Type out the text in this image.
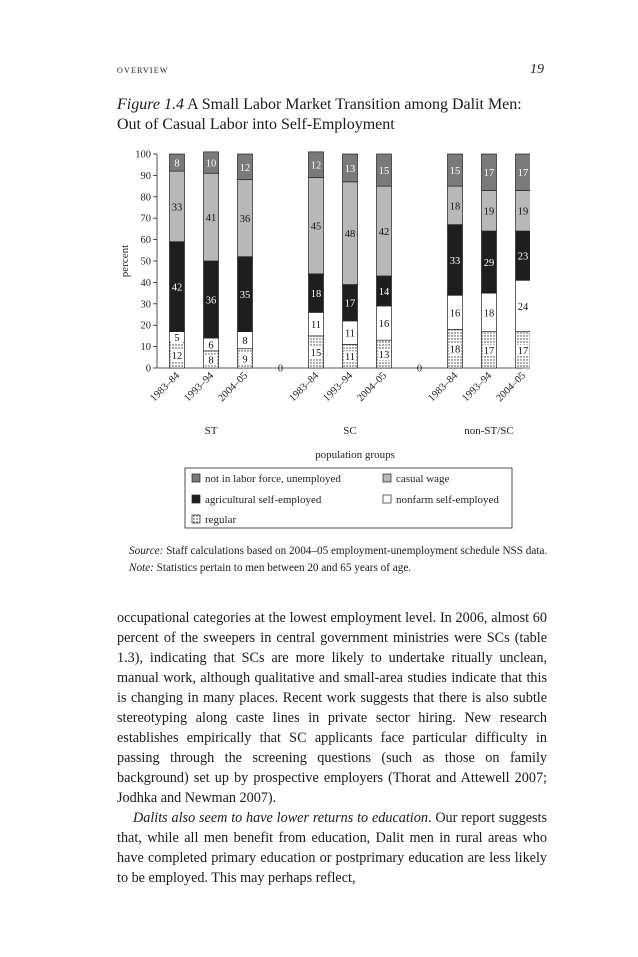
overview	19
Figure 1.4 A Small Labor Market Transition among Dalit Men: Out of Casual Labor into Self-Employment
0
10
20
30
40
50
60
70
80
90
100
percent
12
5
42
33
8
1983–84
8
6
36
41
10
1993–94
9
8
35
36
12
2004–05
ST
15
11
18
45
12
1983–84
11
11
17
48
13
1993–94
13
16
14
42
15
2004–05
SC
18
16
33
18
15
1983–84
17
18
29
19
17
1993–94
17
24
23
19
17
2004–05
non-ST/SC
0	0
population groups
not in labor force, unemployed	casual wage
agricultural self-employed	nonfarm self-employed
regular

Source: Staff calculations based on 2004–05 employment-unemployment schedule NSS data.

Note: Statistics pertain to men between 20 and 65 years of age.

occupational categories at the lowest employment level. In 2006, almost 60 percent of the sweepers in central government ministries were SCs (table 1.3), indicating that SCs are more likely to undertake ritually unclean, manual work, although qualitative and small-area studies indicate that this is changing in many places. Recent work suggests that there is also subtle stereotyping along caste lines in private sector hiring. New research establishes empirically that SC applicants face particular difficulty in passing through the screening questions (such as those on family background) set up by prospective employers (Thorat and Attewell 2007; Jodhka and Newman 2007).

Dalits also seem to have lower returns to education. Our report suggests that, while all men benefit from education, Dalit men in rural areas who have completed primary education or postprimary education are less likely to be employed. This may perhaps reflect,
